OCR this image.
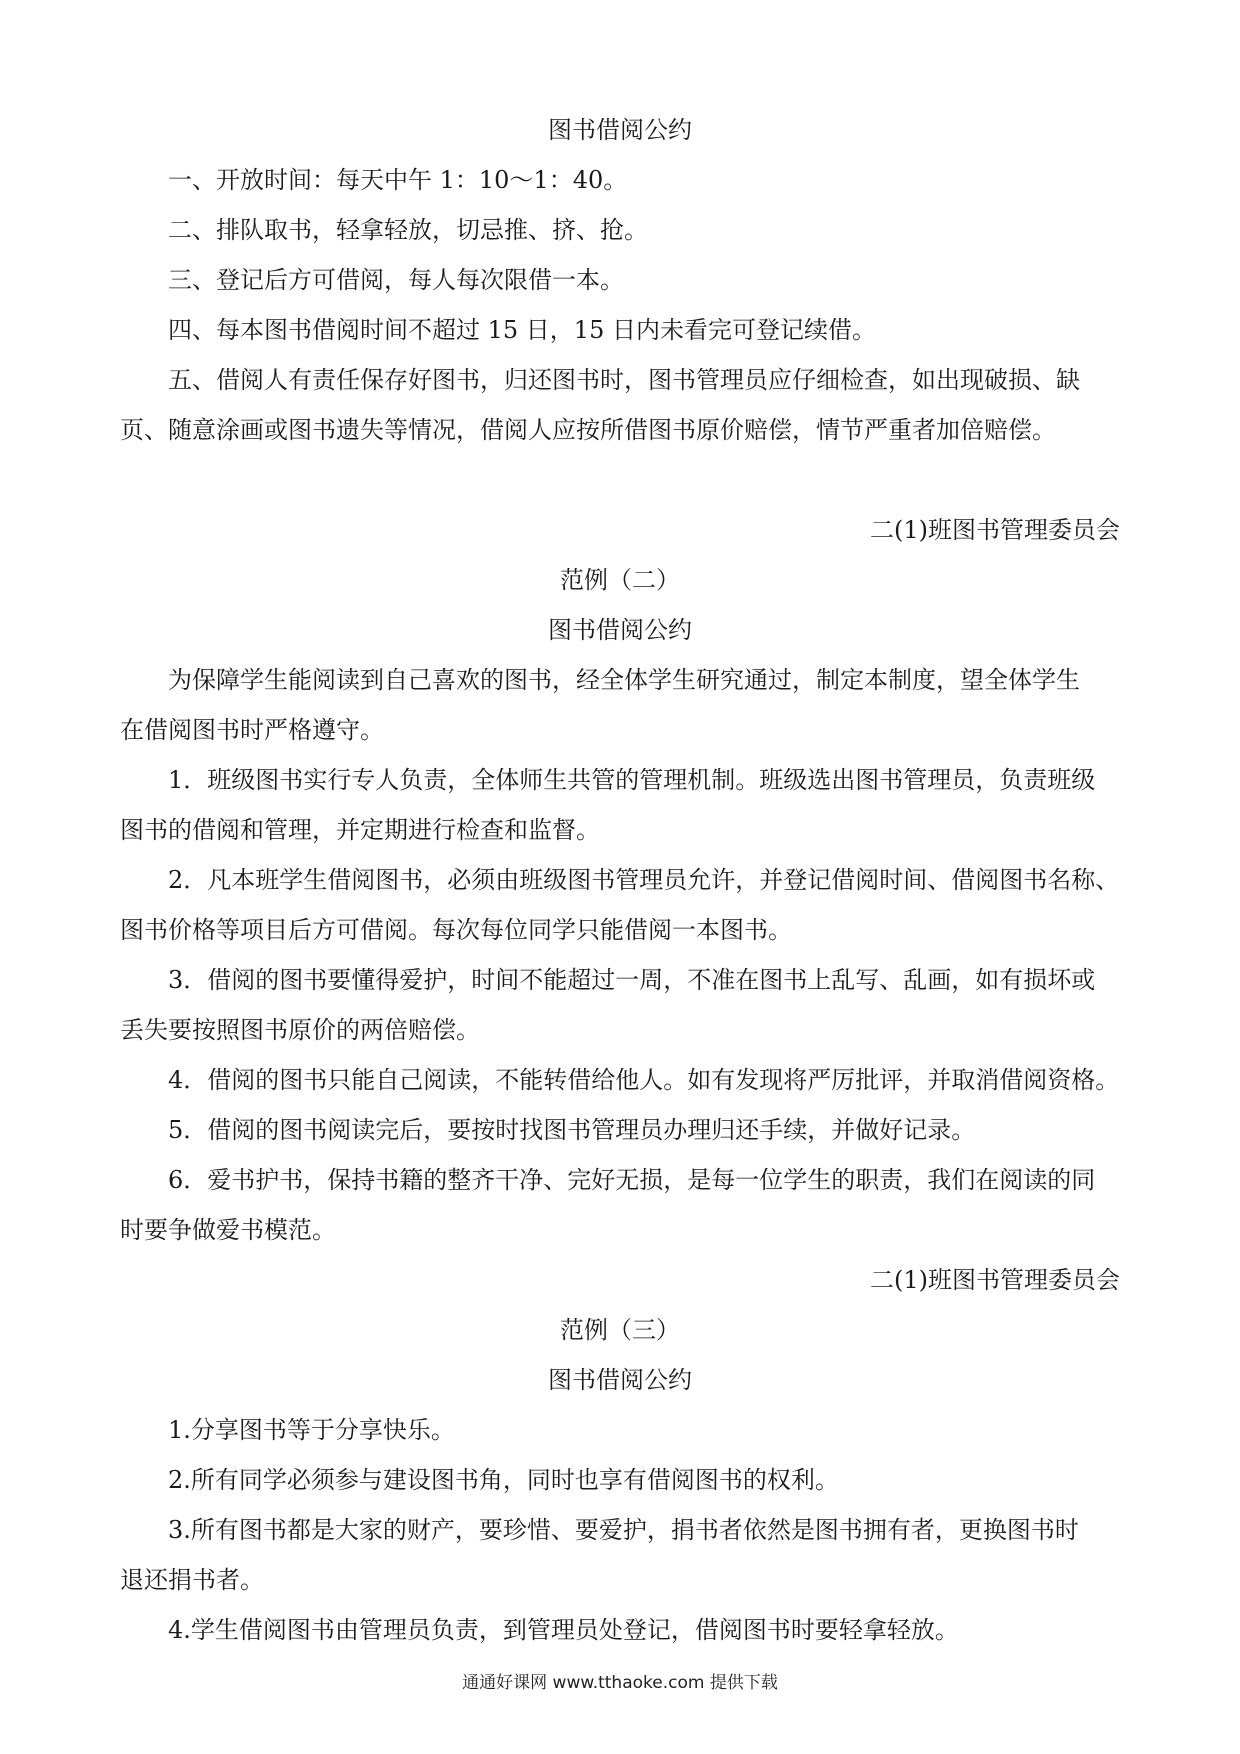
图书借阅公约
一、开放时间：每天中午 1：10～1：40。
二、排队取书，轻拿轻放，切忌推、挤、抢。
三、登记后方可借阅，每人每次限借一本。
四、每本图书借阅时间不超过 15 日，15 日内未看完可登记续借。
五、借阅人有责任保存好图书，归还图书时，图书管理员应仔细检查，如出现破损、缺
页、随意涂画或图书遗失等情况，借阅人应按所借图书原价赔偿，情节严重者加倍赔偿。
二(1)班图书管理委员会
范例（二）
图书借阅公约
为保障学生能阅读到自己喜欢的图书，经全体学生研究通过，制定本制度，望全体学生
在借阅图书时严格遵守。
1．班级图书实行专人负责，全体师生共管的管理机制。班级选出图书管理员，负责班级
图书的借阅和管理，并定期进行检查和监督。
2．凡本班学生借阅图书，必须由班级图书管理员允许，并登记借阅时间、借阅图书名称、
图书价格等项目后方可借阅。每次每位同学只能借阅一本图书。
3．借阅的图书要懂得爱护，时间不能超过一周，不准在图书上乱写、乱画，如有损坏或
丢失要按照图书原价的两倍赔偿。
4．借阅的图书只能自己阅读，不能转借给他人。如有发现将严厉批评，并取消借阅资格。
5．借阅的图书阅读完后，要按时找图书管理员办理归还手续，并做好记录。
6．爱书护书，保持书籍的整齐干净、完好无损，是每一位学生的职责，我们在阅读的同
时要争做爱书模范。
二(1)班图书管理委员会
范例（三）
图书借阅公约
1.分享图书等于分享快乐。
2.所有同学必须参与建设图书角，同时也享有借阅图书的权利。
3.所有图书都是大家的财产，要珍惜、要爱护，捐书者依然是图书拥有者，更换图书时
退还捐书者。
4.学生借阅图书由管理员负责，到管理员处登记，借阅图书时要轻拿轻放。
通通好课网 www.tthaoke.com 提供下载
